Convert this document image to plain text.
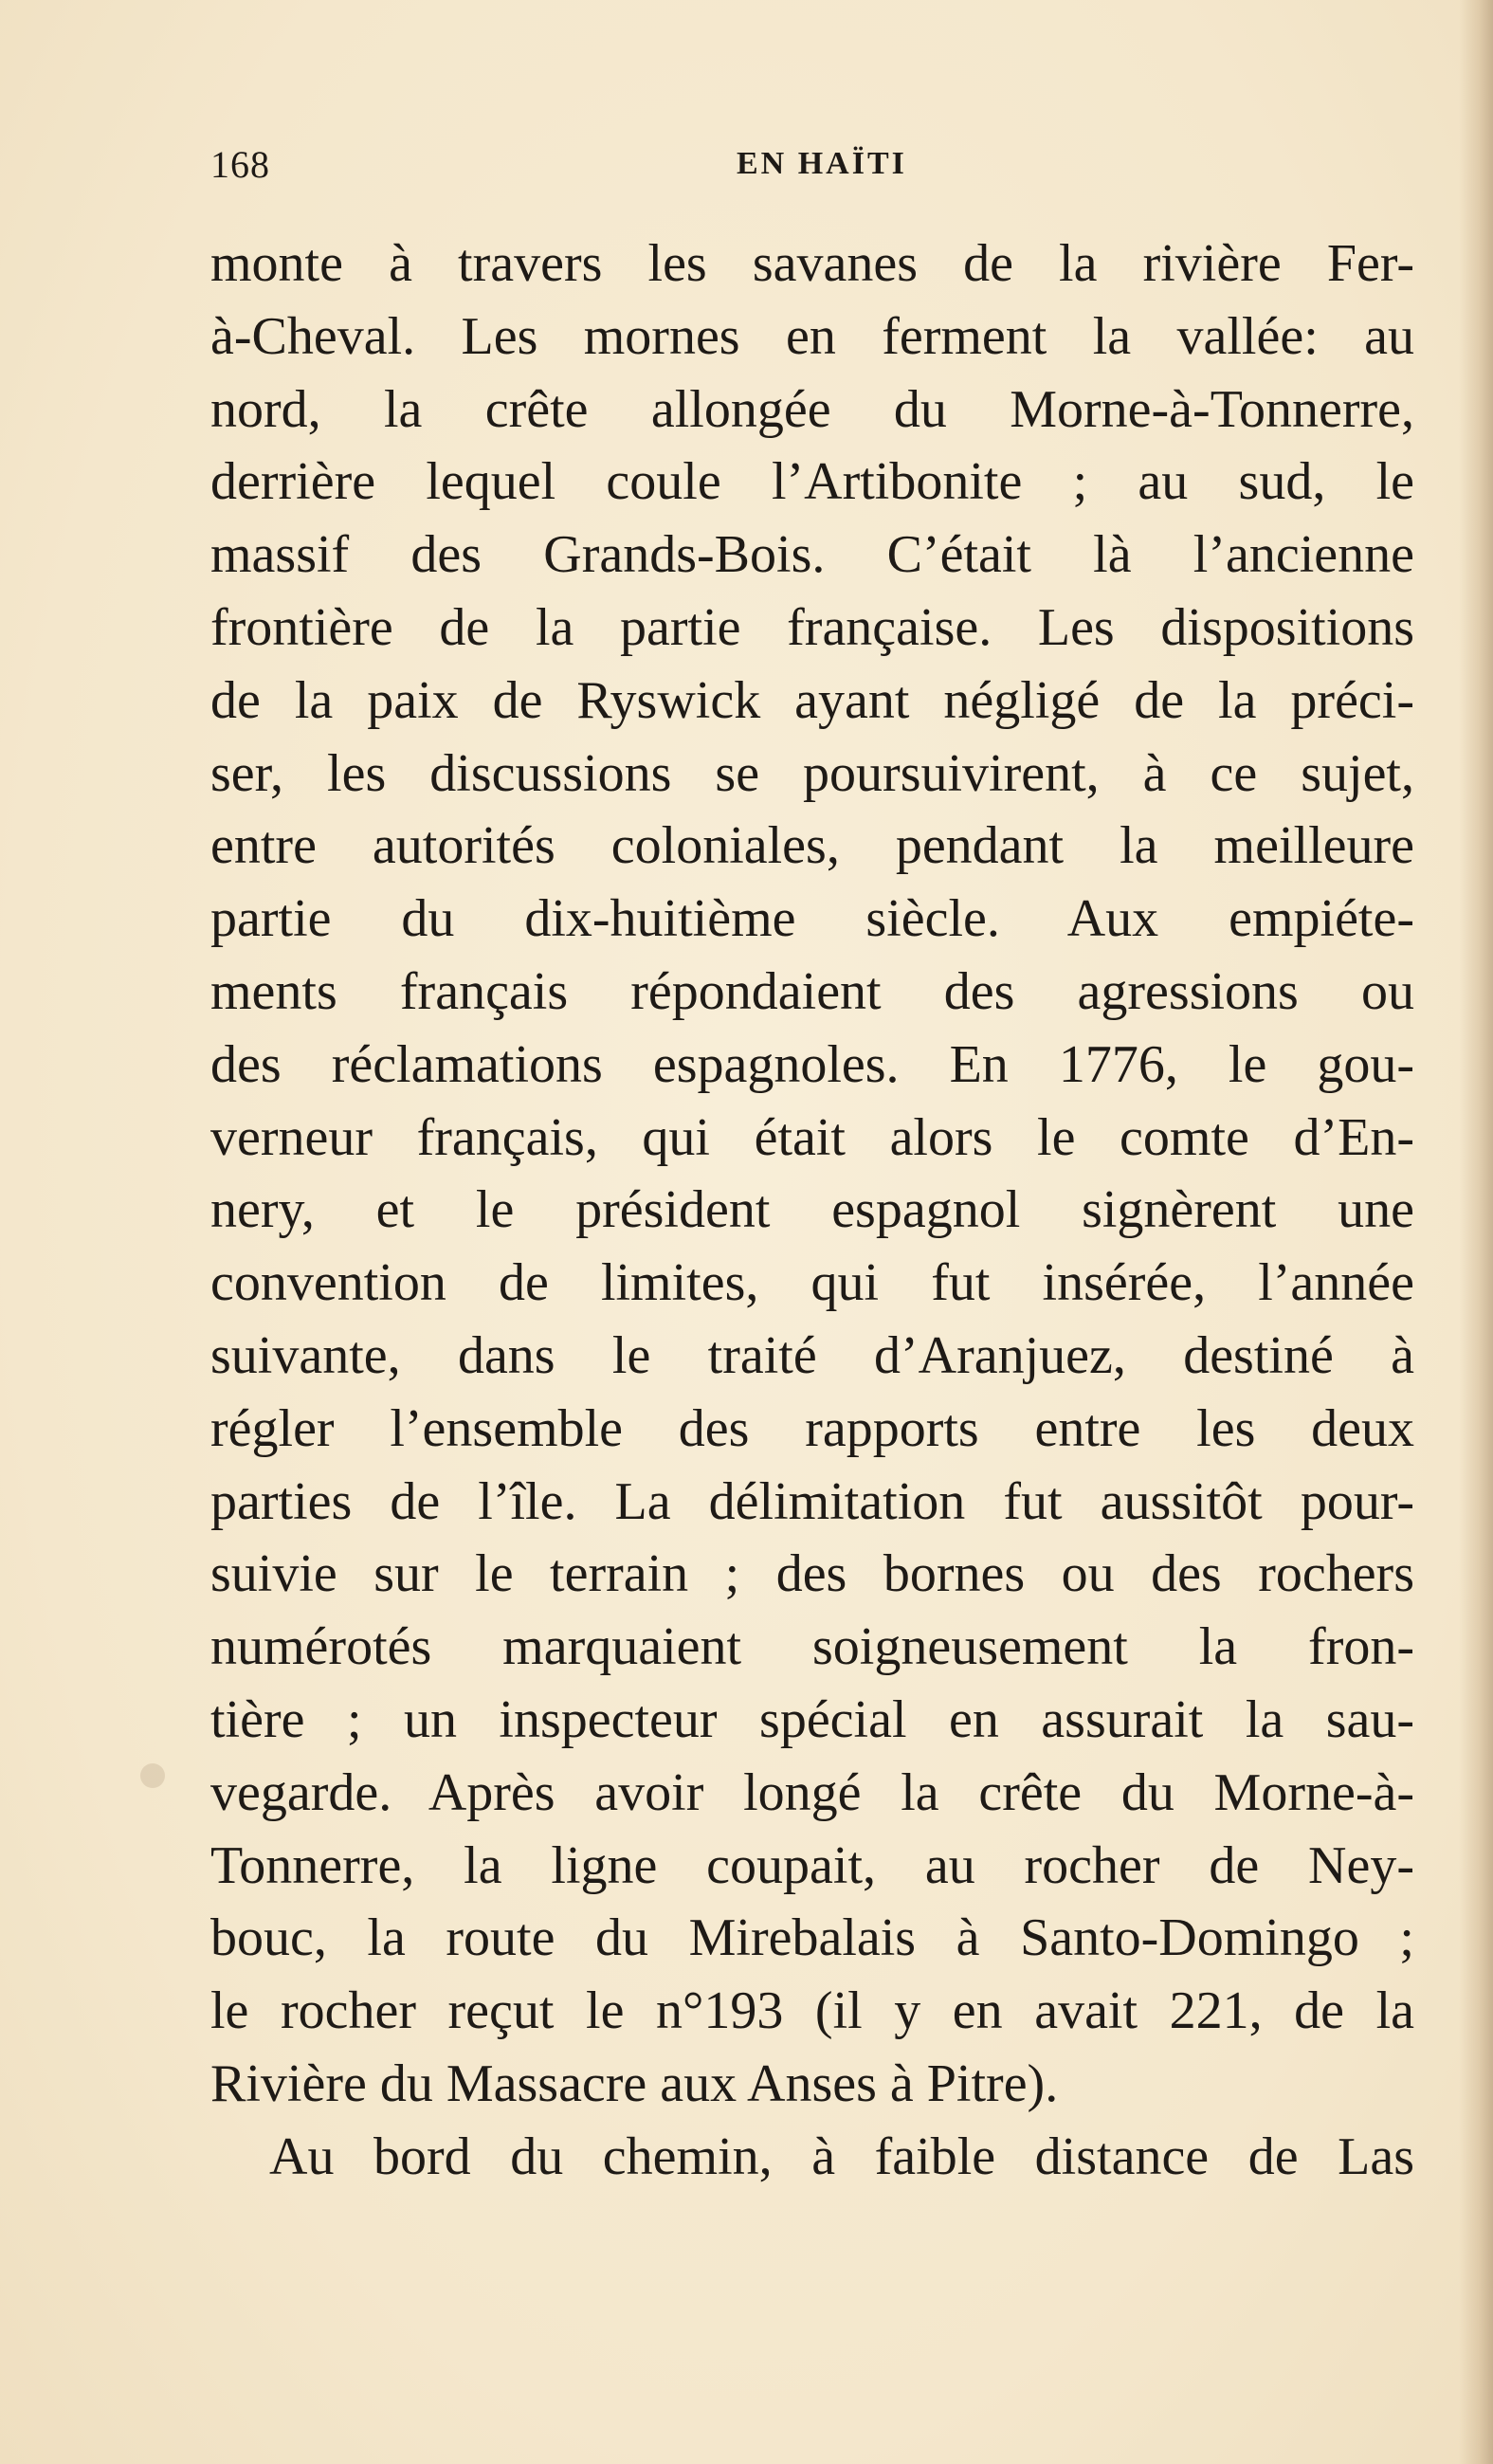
168	EN HAÏTI
monte à travers les savanes de la rivière Fer-
à-Cheval. Les mornes en ferment la vallée: au
nord, la crête allongée du Morne-à-Tonnerre,
derrière lequel coule l’Artibonite ; au sud, le
massif des Grands-Bois. C’était là l’ancienne
frontière de la partie française. Les dispositions
de la paix de Ryswick ayant négligé de la préci-
ser, les discussions se poursuivirent, à ce sujet,
entre autorités coloniales, pendant la meilleure
partie du dix-huitième siècle. Aux empiéte-
ments français répondaient des agressions ou
des réclamations espagnoles. En 1776, le gou-
verneur français, qui était alors le comte d’En-
nery, et le président espagnol signèrent une
convention de limites, qui fut insérée, l’année
suivante, dans le traité d’Aranjuez, destiné à
régler l’ensemble des rapports entre les deux
parties de l’île. La délimitation fut aussitôt pour-
suivie sur le terrain ; des bornes ou des rochers
numérotés marquaient soigneusement la fron-
tière ; un inspecteur spécial en assurait la sau-
vegarde. Après avoir longé la crête du Morne-à-
Tonnerre, la ligne coupait, au rocher de Ney-
bouc, la route du Mirebalais à Santo-Domingo ;
le rocher reçut le n°193 (il y en avait 221, de la
Rivière du Massacre aux Anses à Pitre).
Au bord du chemin, à faible distance de Las
